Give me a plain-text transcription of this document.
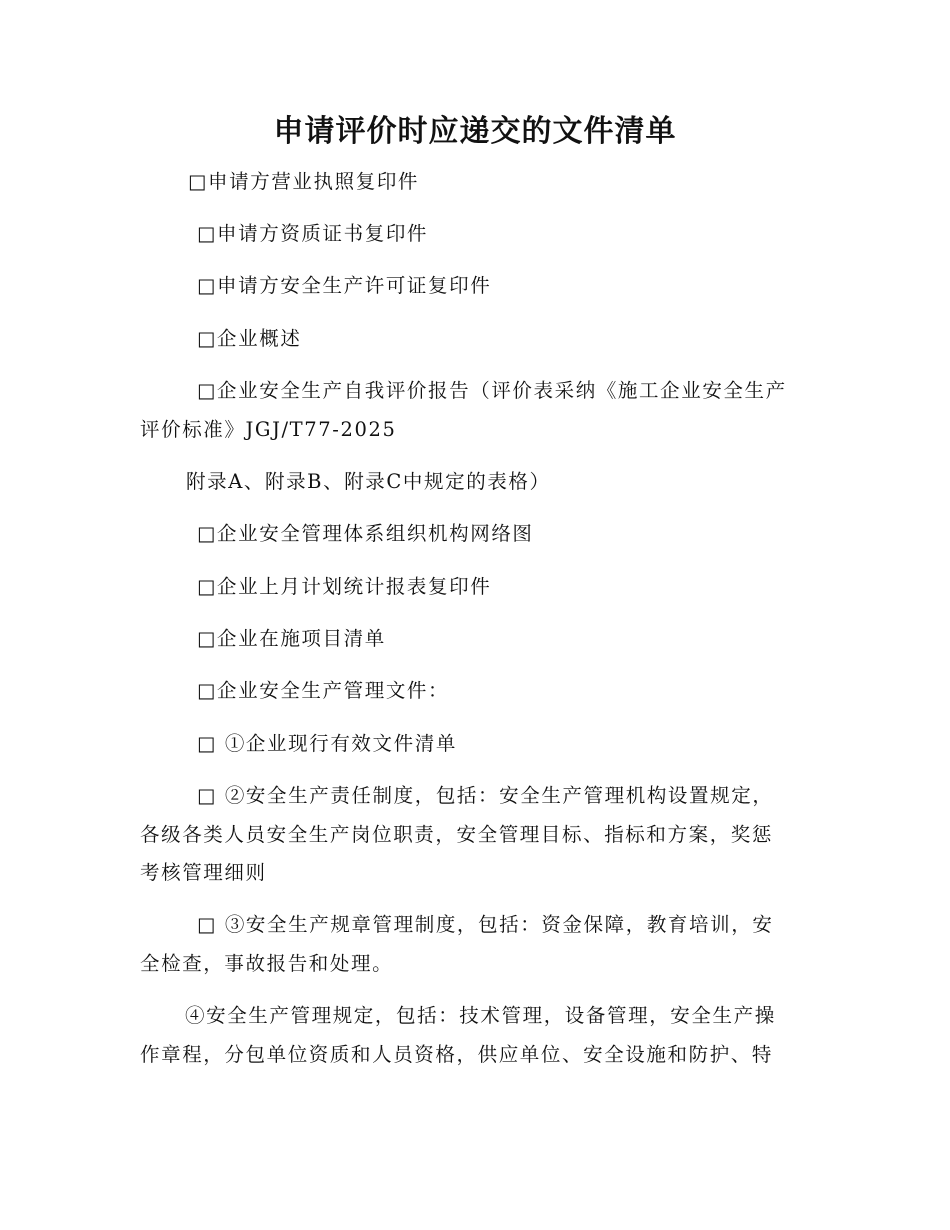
申请评价时应递交的文件清单
□申请方营业执照复印件
□申请方资质证书复印件
□申请方安全生产许可证复印件
□企业概述
□企业安全生产自我评价报告（评价表采纳《施工企业安全生产
评价标准》JGJ/T77-2025
附录A、附录B、附录C中规定的表格）
□企业安全管理体系组织机构网络图
□企业上月计划统计报表复印件
□企业在施项目清单
□企业安全生产管理文件：
□ ①企业现行有效文件清单
□ ②安全生产责任制度，包括：安全生产管理机构设置规定，
各级各类人员安全生产岗位职责，安全管理目标、指标和方案，奖惩
考核管理细则
□ ③安全生产规章管理制度，包括：资金保障，教育培训，安
全检查，事故报告和处理。
④安全生产管理规定，包括：技术管理，设备管理，安全生产操
作章程，分包单位资质和人员资格，供应单位、安全设施和防护、特
